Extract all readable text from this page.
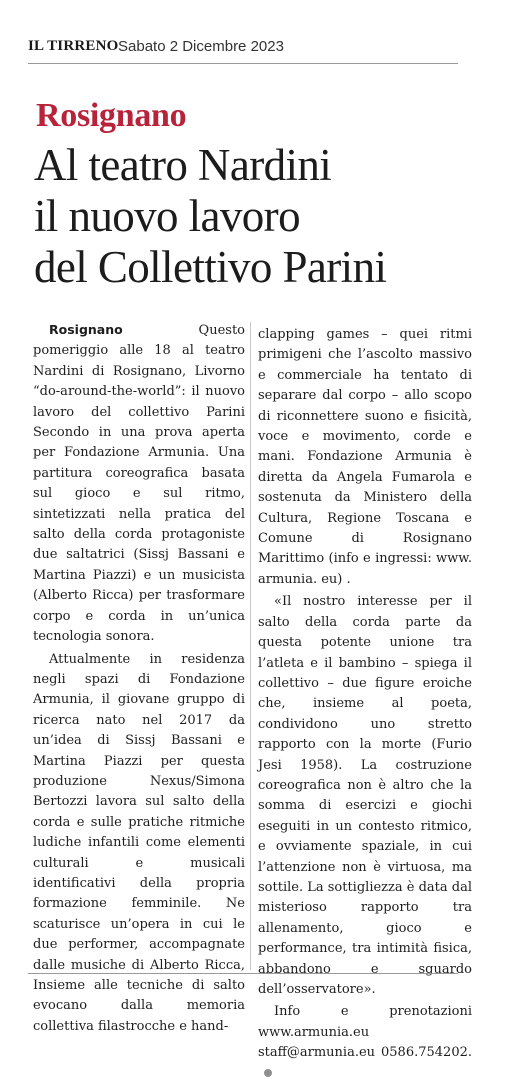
IL TIRRENO Sabato 2 Dicembre 2023
Rosignano
Al teatro Nardini
il nuovo lavoro
del Collettivo Parini

Rosignano	Questo pomeriggio alle 18 al teatro Nardini di Rosignano, Livorno “do-around-the-world”: il nuovo lavoro del collettivo Parini Secondo in una prova aperta per Fondazione Armunia. Una partitura coreografica basata sul gioco e sul ritmo, sintetizzati nella pratica del salto della corda protagoniste due saltatrici (Sissj Bassani e Martina Piazzi) e un musicista (Alberto Ricca) per trasformare corpo e corda in un’unica tecnologia sonora.

Attualmente in residenza negli spazi di Fondazione Armunia, il giovane gruppo di ricerca nato nel 2017 da un’idea di Sissj Bassani e Martina Piazzi per questa produzione Nexus/Simona Bertozzi lavora sul salto della corda e sulle pratiche ritmiche ludiche infantili come elementi culturali e musicali identificativi della propria formazione femminile. Ne scaturisce un’opera in cui le due performer, accompagnate dalle musiche di Alberto Ricca, Insieme alle tecniche di salto evocano dalla memoria collettiva filastrocche e hand-

clapping games – quei ritmi primigeni che l’ascolto massivo e commerciale ha tentato di separare dal corpo – allo scopo di riconnettere suono e fisicità, voce e movimento, corde e mani. Fondazione Armunia è diretta da Angela Fumarola e sostenuta da Ministero della Cultura, Regione Toscana e Comune di Rosignano Marittimo (info e ingressi: www. armunia. eu) .

«Il nostro interesse per il salto della corda parte da questa potente unione tra l’atleta e il bambino – spiega il collettivo – due figure eroiche che, insieme al poeta, condividono uno stretto rapporto con la morte (Furio Jesi 1958). La costruzione coreografica non è altro che la somma di esercizi e giochi eseguiti in un contesto ritmico, e ovviamente spaziale, in cui l’attenzione non è virtuosa, ma sottile. La sottigliezza è data dal misterioso rapporto tra allenamento, gioco e performance, tra intimità fisica, abbandono e sguardo dell’osservatore».

Info e prenotazioni www.armunia.eu staff@armunia.eu 0586.754202.
